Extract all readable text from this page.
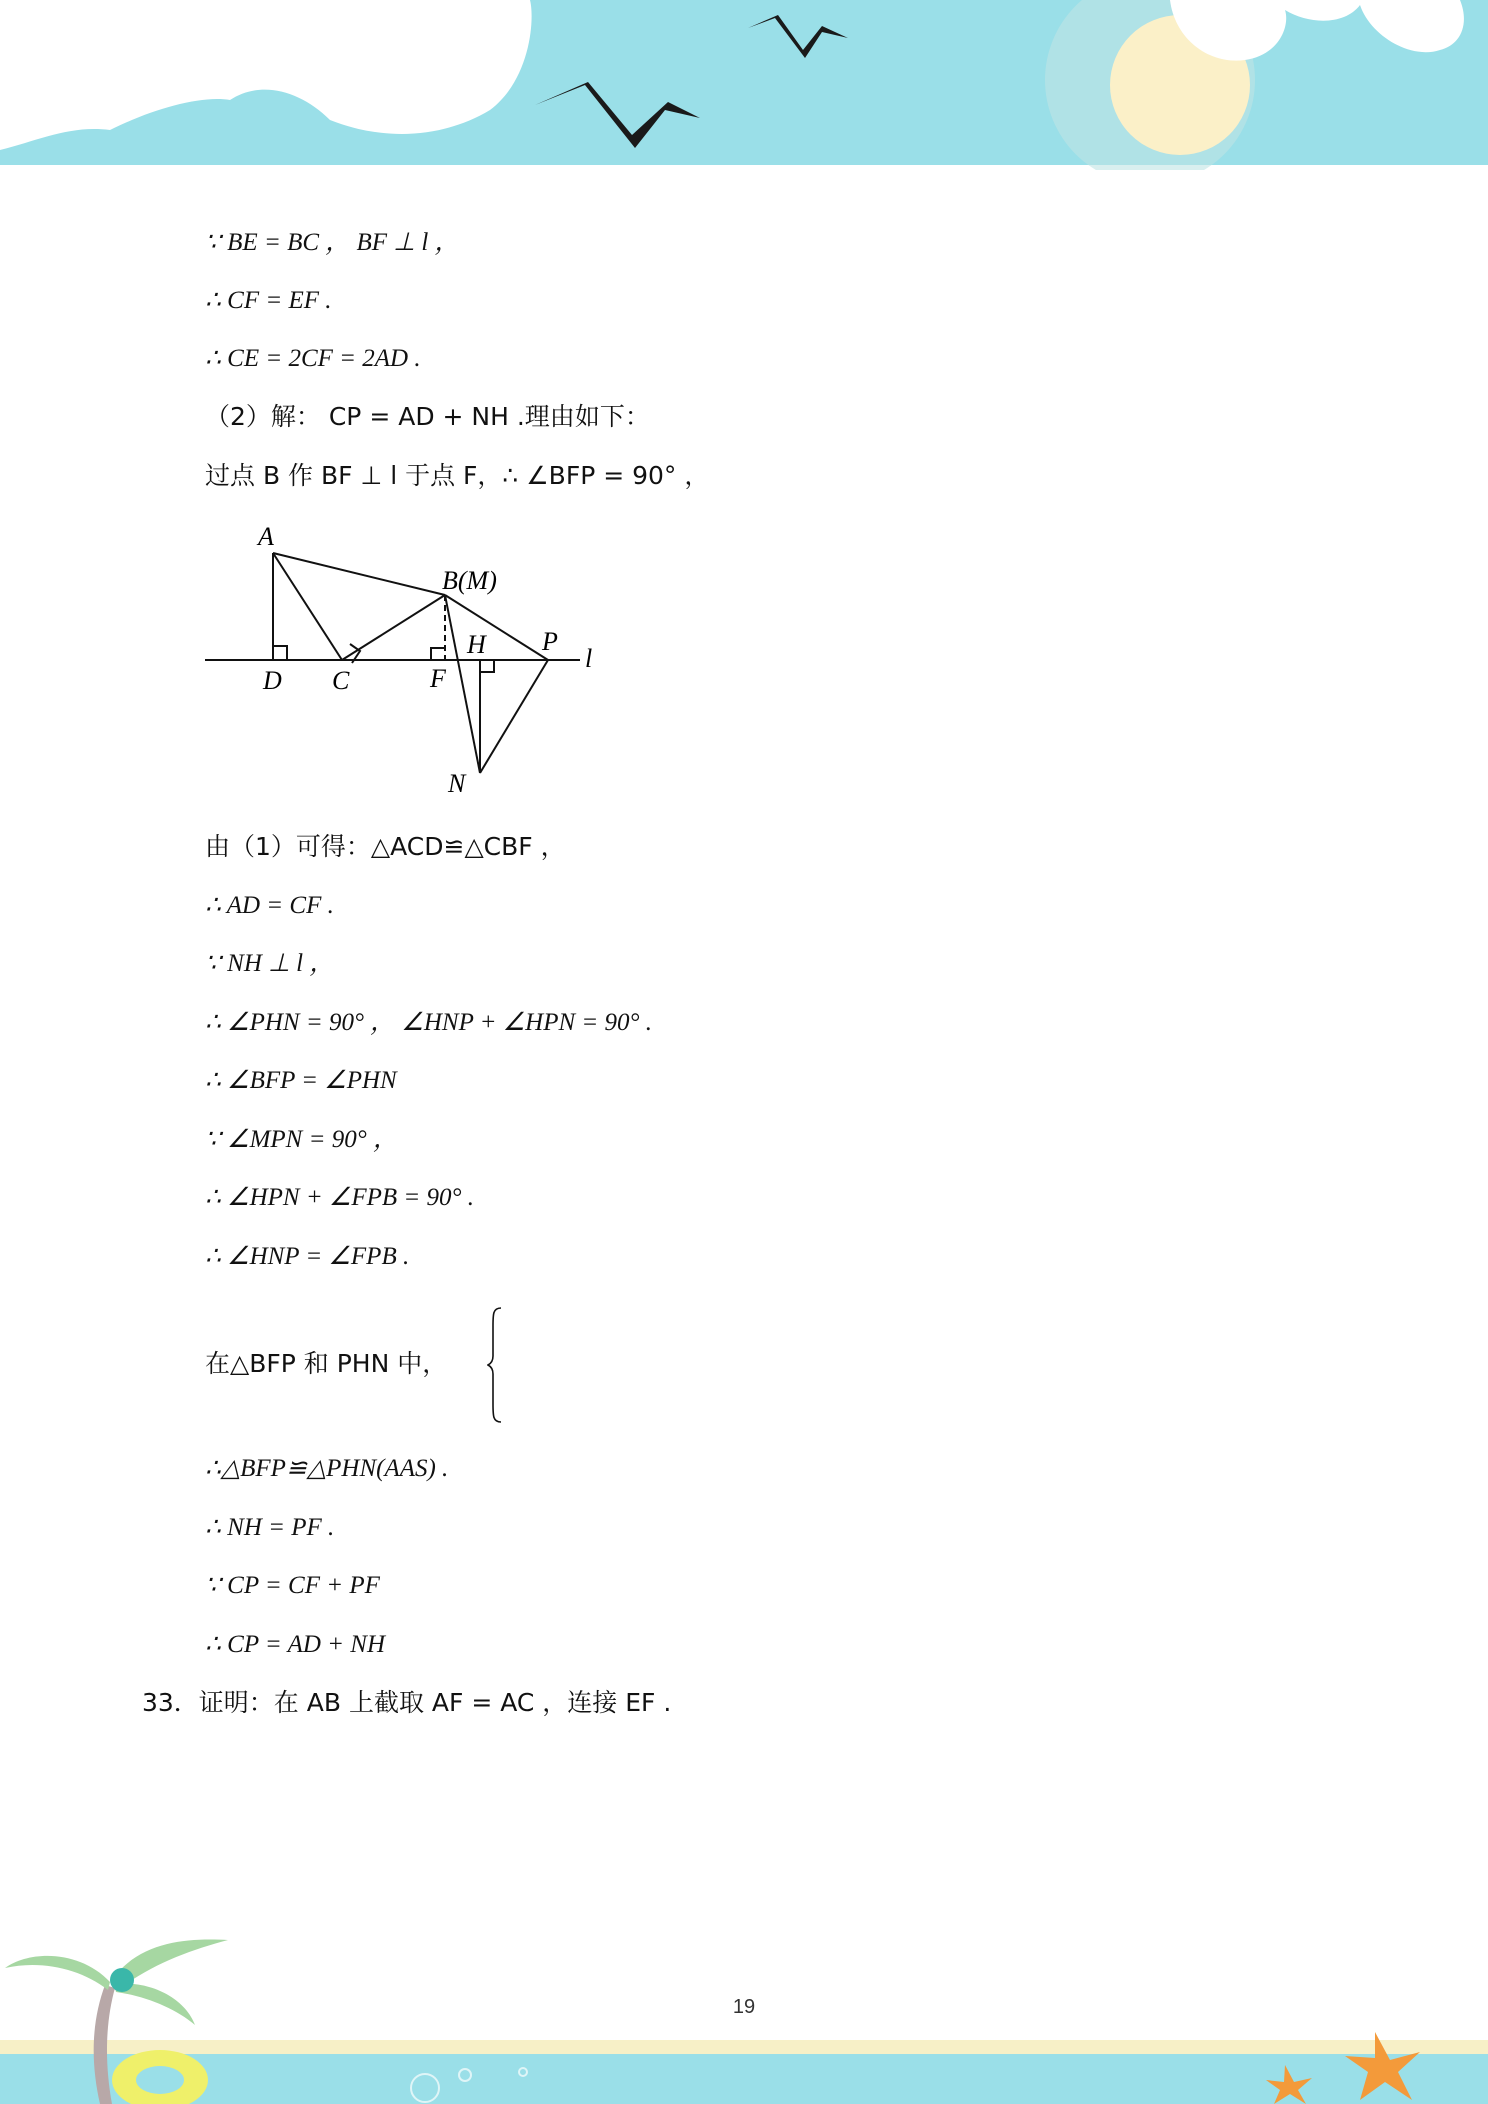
∵ BE = BC ， BF ⊥ l ，
∴ CF = EF .
∴ CE = 2CF = 2AD .
（2）解： CP = AD + NH .理由如下：
过点 B 作 BF ⊥ l 于点 F，∴ ∠BFP = 90° ，
A
B(M)
P
l
D C	F
H
N
由（1）可得：△ACD≌△CBF ，
∴ AD = CF .
∵ NH ⊥ l ，
∴ ∠PHN = 90° ， ∠HNP + ∠HPN = 90° .
∴ ∠BFP = ∠PHN
∵ ∠MPN = 90° ，
∴ ∠HPN + ∠FPB = 90° .
∴ ∠HNP = ∠FPB .
在△BFP 和 PHN 中，
∴△BFP≌△PHN(AAS) .
∴ NH = PF .
∵ CP = CF + PF
∴ CP = AD + NH
33．证明：在 AB 上截取 AF = AC ，连接 EF .
19
